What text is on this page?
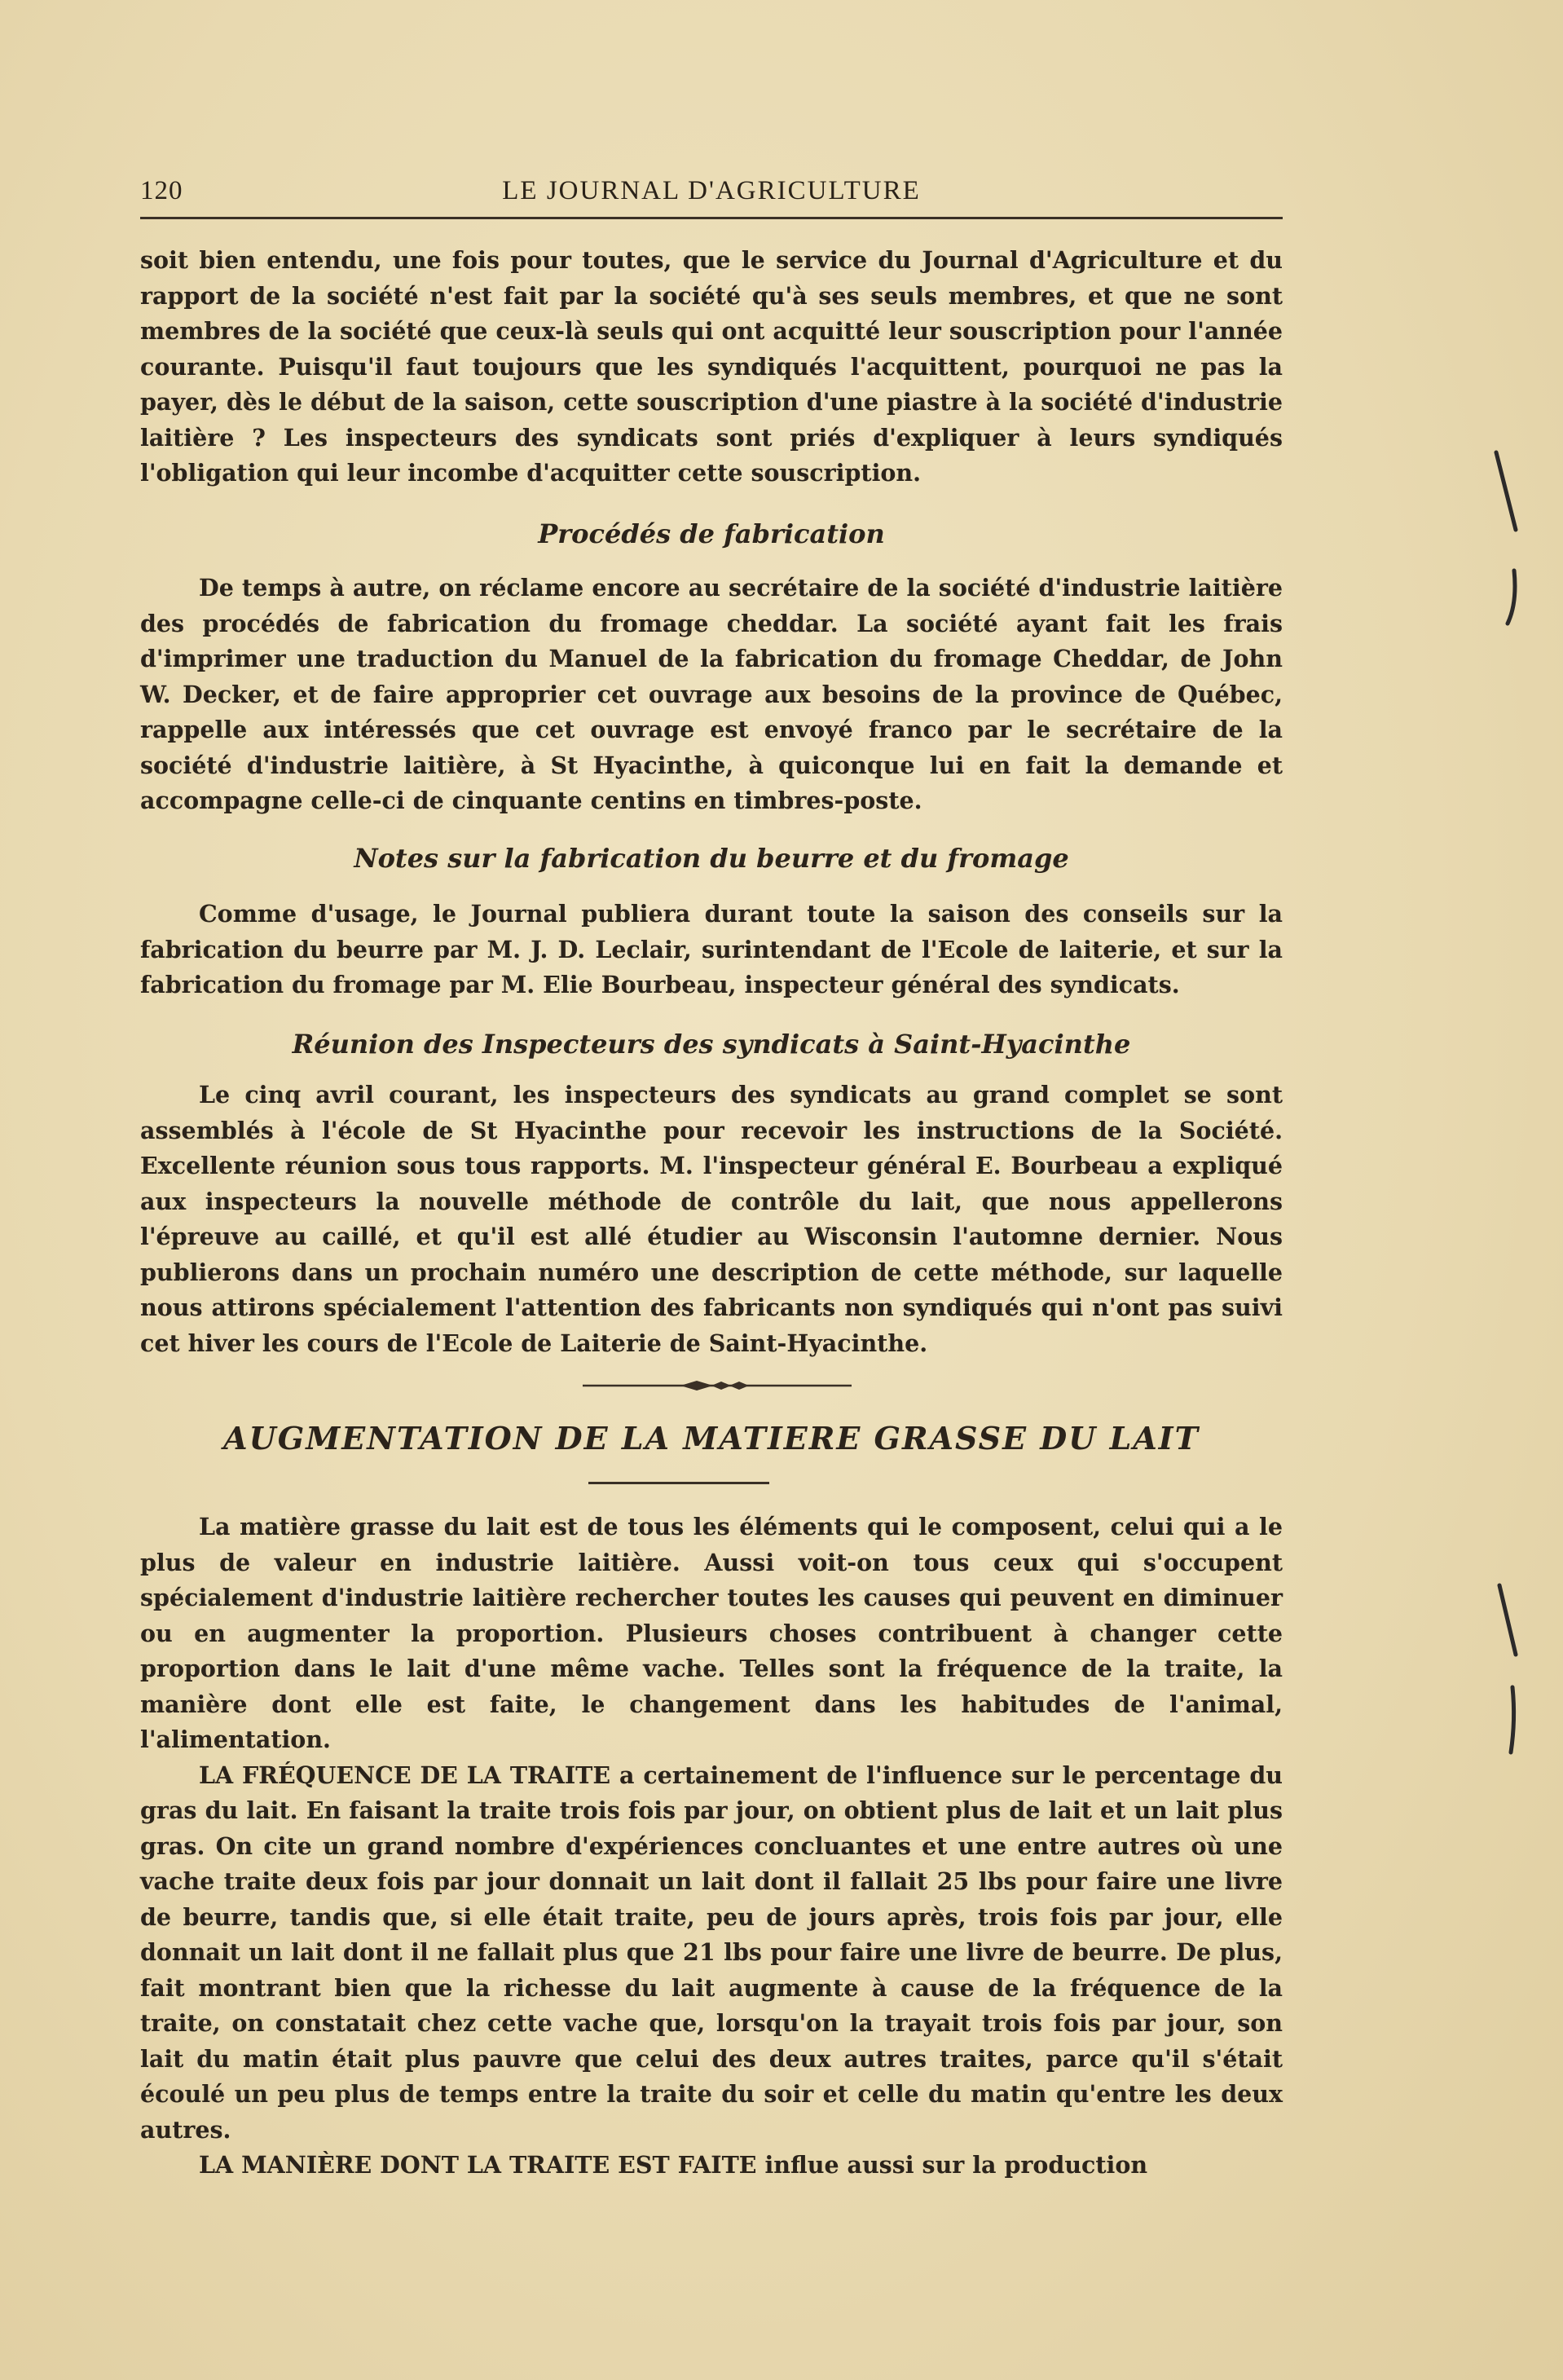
120	LE JOURNAL D'AGRICULTURE

soit bien entendu, une fois pour toutes, que le service du Journal d'Agriculture et du rapport de la société n'est fait par la société qu'à ses seuls membres, et que ne sont membres de la société que ceux-là seuls qui ont acquitté leur souscription pour l'année courante. Puisqu'il faut toujours que les syndiqués l'acquittent, pourquoi ne pas la payer, dès le début de la saison, cette souscription d'une piastre à la société d'industrie laitière ? Les inspecteurs des syndicats sont priés d'expliquer à leurs syndiqués l'obligation qui leur incombe d'acquitter cette souscription.

Procédés de fabrication

De temps à autre, on réclame encore au secrétaire de la société d'industrie laitière des procédés de fabrication du fromage cheddar. La société ayant fait les frais d'imprimer une traduction du Manuel de la fabrication du fromage Cheddar, de John W. Decker, et de faire approprier cet ouvrage aux besoins de la province de Québec, rappelle aux intéressés que cet ouvrage est envoyé franco par le secrétaire de la société d'industrie laitière, à St Hyacinthe, à quiconque lui en fait la demande et accompagne celle-ci de cinquante centins en timbres-poste.

Notes sur la fabrication du beurre et du fromage

Comme d'usage, le Journal publiera durant toute la saison des conseils sur la fabrication du beurre par M. J. D. Leclair, surintendant de l'Ecole de laiterie, et sur la fabrication du fromage par M. Elie Bourbeau, inspecteur général des syndicats.

Réunion des Inspecteurs des syndicats à Saint-Hyacinthe

Le cinq avril courant, les inspecteurs des syndicats au grand complet se sont assemblés à l'école de St Hyacinthe pour recevoir les instructions de la Société. Excellente réunion sous tous rapports. M. l'inspecteur général E. Bourbeau a expliqué aux inspecteurs la nouvelle méthode de contrôle du lait, que nous appellerons l'épreuve au caillé, et qu'il est allé étudier au Wisconsin l'automne dernier. Nous publierons dans un prochain numéro une description de cette méthode, sur laquelle nous attirons spécialement l'attention des fabricants non syndiqués qui n'ont pas suivi cet hiver les cours de l'Ecole de Laiterie de Saint-Hyacinthe.

AUGMENTATION DE LA MATIERE GRASSE DU LAIT

La matière grasse du lait est de tous les éléments qui le composent, celui qui a le plus de valeur en industrie laitière. Aussi voit-on tous ceux qui s'occupent spécialement d'industrie laitière rechercher toutes les causes qui peuvent en diminuer ou en augmenter la proportion. Plusieurs choses contribuent à changer cette proportion dans le lait d'une même vache. Telles sont la fréquence de la traite, la manière dont elle est faite, le changement dans les habitudes de l'animal, l'alimentation.

LA FRÉQUENCE DE LA TRAITE a certainement de l'influence sur le percentage du gras du lait. En faisant la traite trois fois par jour, on obtient plus de lait et un lait plus gras. On cite un grand nombre d'expériences concluantes et une entre autres où une vache traite deux fois par jour donnait un lait dont il fallait 25 lbs pour faire une livre de beurre, tandis que, si elle était traite, peu de jours après, trois fois par jour, elle donnait un lait dont il ne fallait plus que 21 lbs pour faire une livre de beurre. De plus, fait montrant bien que la richesse du lait augmente à cause de la fréquence de la traite, on constatait chez cette vache que, lorsqu'on la trayait trois fois par jour, son lait du matin était plus pauvre que celui des deux autres traites, parce qu'il s'était écoulé un peu plus de temps entre la traite du soir et celle du matin qu'entre les deux autres.

LA MANIÈRE DONT LA TRAITE EST FAITE influe aussi sur la production
